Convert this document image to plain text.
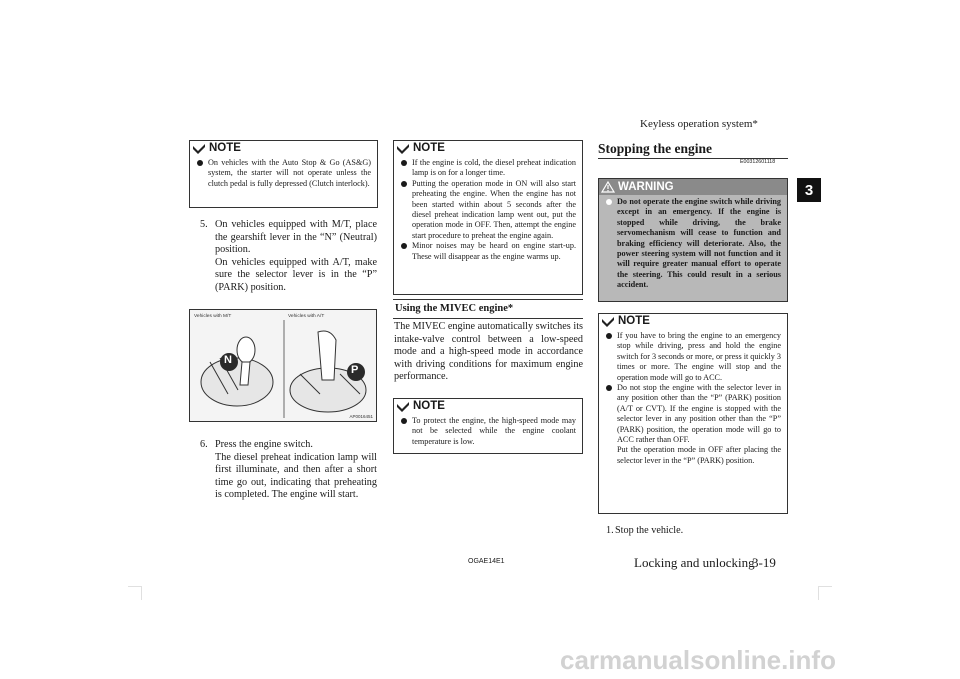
Keyless operation system*
3
NOTE
On vehicles with the Auto Stop & Go (AS&G) system, the starter will not operate unless the clutch pedal is fully depressed (Clutch interlock).
5. On vehicles equipped with M/T, place the gearshift lever in the “N” (Neutral) position.
On vehicles equipped with A/T, make sure the selector lever is in the “P” (PARK) position.
Vehicles with M/T	Vehicles with A/T
N
P
AP0016451
6. Press the engine switch.
The diesel preheat indication lamp will first illuminate, and then after a short time go out, indicating that preheating is completed. The engine will start.
NOTE
If the engine is cold, the diesel preheat indication lamp is on for a longer time.
Putting the operation mode in ON will also start preheating the engine. When the engine has not been started within about 5 seconds after the diesel preheat indication lamp went out, put the operation mode in OFF. Then, attempt the engine start procedure to preheat the engine again.
Minor noises may be heard on engine start-up. These will disappear as the engine warms up.
Using the MIVEC engine*
The MIVEC engine automatically switches its intake-valve control between a low-speed mode and a high-speed mode in accordance with driving conditions for maximum engine performance.
NOTE
To protect the engine, the high-speed mode may not be selected while the engine coolant temperature is low.
Stopping the engine
E00312601118
WARNING
Do not operate the engine switch while driving except in an emergency. If the engine is stopped while driving, the brake servomechanism will cease to function and braking efficiency will deteriorate. Also, the power steering system will not function and it will require greater manual effort to operate the steering. This could result in a serious accident.
NOTE
If you have to bring the engine to an emergency stop while driving, press and hold the engine switch for 3 seconds or more, or press it quickly 3 times or more. The engine will stop and the operation mode will go to ACC.
Do not stop the engine with the selector lever in any position other than the “P” (PARK) position (A/T or CVT). If the engine is stopped with the selector lever in any position other than the “P” (PARK) position, the operation mode will go to ACC rather than OFF.
Put the operation mode in OFF after placing the selector lever in the “P” (PARK) position.
1. Stop the vehicle.
OGAE14E1	Locking and unlocking
3-19
carmanualsonline.info
